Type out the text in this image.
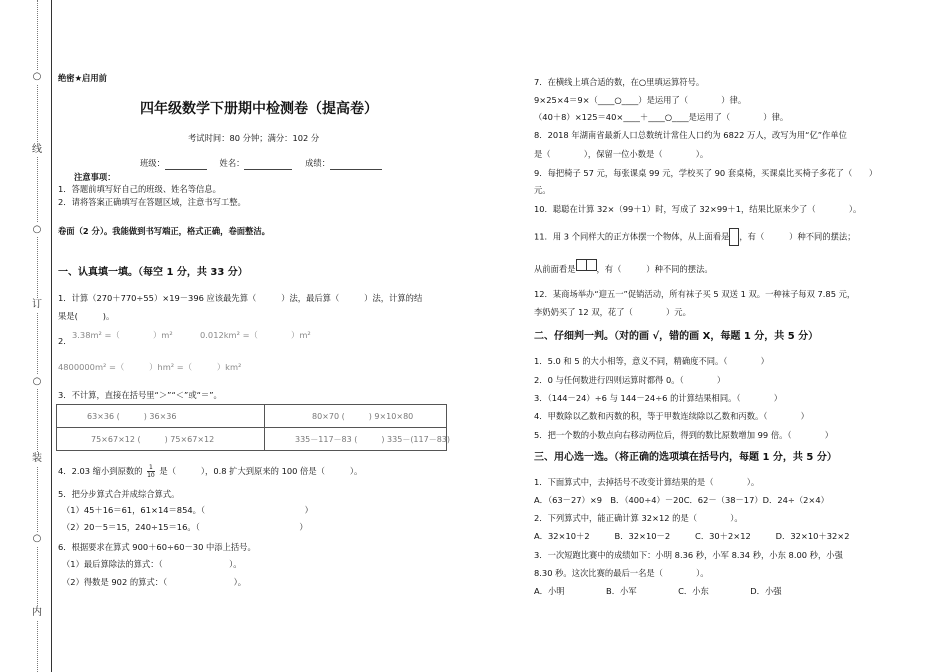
○
线
○
订
○
装
○
内
绝密★启用前
四年级数学下册期中检测卷（提高卷）
考试时间：80 分钟；满分：102 分
班级：	姓名：	成绩：
注意事项：
1．答题前填写好自己的班级、姓名等信息。
2．请将答案正确填写在答题区域，注意书写工整。
卷面（2 分）。我能做到书写端正，格式正确，卷面整洁。
一、认真填一填。（每空 1 分，共 33 分）
1．计算（270＋770÷55）×19－396 应该最先算（　　　）法，最后算（　　　）法，计算的结
果是(　　　)。
2．
3.38m² =（　　　　）m²	0.012km² =（　　　　）m²
4800000m² =（　　　）hm² =（　　　）km²
3．不计算，直接在括号里“＞”“＜”或“＝”。
63×36 (　　　) 36×36	80×70 (　　　) 9×10×80
75×67×12 (　　　) 75×67×12	335－117－83 (　　　) 335－(117－83)
4．2.03 缩小到原数的 $\frac{1}{10}$ 是（　　　），0.8 扩大到原来的 100 倍是（　　　）。
5．把分步算式合并成综合算式。
（1）45＋16＝61，61×14＝854。（　　　　　　　　　　　　）
（2）20－5＝15，240÷15＝16。（　　　　　　　　　　　　）
6．根据要求在算式 900＋60÷60－30 中添上括号。
（1）最后算除法的算式：（　　　　　　　　）。
（2）得数是 902 的算式：（　　　　　　　　）。
7．在横线上填合适的数，在○里填运算符号。
9×25×4＝9×（____○____）是运用了（　　　　）律。
（40＋8）×125＝40×____＋____○____是运用了（　　　　）律。
8．2018 年湖南省最新人口总数统计常住人口约为 6822 万人，改写为用“亿”作单位
是（　　　　），保留一位小数是（　　　　）。
9．每把椅子 57 元，每张课桌 99 元，学校买了 90 套桌椅，买课桌比买椅子多花了（　　）
元。
10．聪聪在计算 32×（99＋1）时，写成了 32×99＋1，结果比原来少了（　　　　）。
11．用 3 个同样大的正方体摆一个物体，从上面看是 ，有（　　　）种不同的摆法；
从前面看是	，有（　　　）种不同的摆法。
12．某商场举办“迎五一”促销活动，所有袜子买 5 双送 1 双。一种袜子每双 7.85 元，
李奶奶买了 12 双，花了（　　　　）元。
二、仔细判一判。（对的画 √，错的画 X，每题 1 分，共 5 分）
1．5.0 和 5 的大小相等，意义不同，精确度不同。（　　　　）
2．0 与任何数进行四则运算时都得 0。（　　　　）
3．（144－24）÷6 与 144－24÷6 的计算结果相同。（　　　　）
4．甲数除以乙数和丙数的积，等于甲数连续除以乙数和丙数。（　　　　）
5．把一个数的小数点向右移动两位后，得到的数比原数增加 99 倍。（　　　　）
三、用心选一选。（将正确的选项填在括号内，每题 1 分，共 5 分）
1．下面算式中，去掉括号不改变计算结果的是（　　　　）。
A．（63－27）×9　B．（400÷4）－20C．62－（38－17）D．24÷（2×4）
2．下列算式中，能正确计算 32×12 的是（　　　　）。
A．32×10＋2　　　B．32×10－2　　　C．30＋2×12　　　D．32×10＋32×2
3．一次短跑比赛中的成绩如下：小明 8.36 秒，小军 8.34 秒，小东 8.00 秒，小强
8.30 秒。这次比赛的最后一名是（　　　　）。
A．小明　　　　　B．小军　　　　　C．小东　　　　　D．小强
